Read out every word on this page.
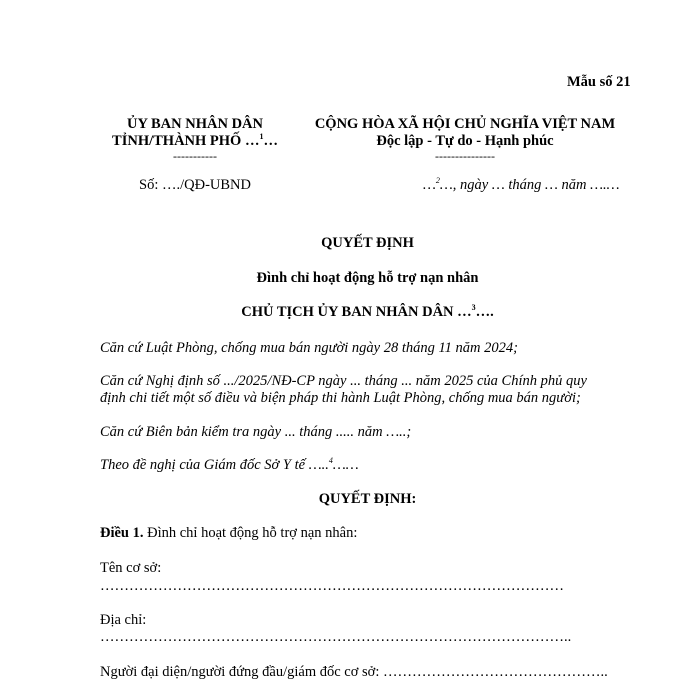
Mẫu số 21
ỦY BAN NHÂN DÂN
TỈNH/THÀNH PHỐ …$^1$…
-----------
Số: …./QĐ-UBND
CỘNG HÒA XÃ HỘI CHỦ NGHĨA VIỆT NAM
Độc lập - Tự do - Hạnh phúc
---------------
…$^2$…, ngày … tháng … năm ….…
QUYẾT ĐỊNH
Đình chỉ hoạt động hỗ trợ nạn nhân
CHỦ TỊCH ỦY BAN NHÂN DÂN …$^3$….
Căn cứ Luật Phòng, chống mua bán người ngày 28 tháng 11 năm 2024;
Căn cứ Nghị định số .../2025/NĐ-CP ngày ... tháng ... năm 2025 của Chính phủ quy
định chi tiết một số điều và biện pháp thi hành Luật Phòng, chống mua bán người;
Căn cứ Biên bản kiểm tra ngày ... tháng ..... năm …..;
Theo đề nghị của Giám đốc Sở Y tế …..$^4$……
QUYẾT ĐỊNH:
Điều 1. Đình chỉ hoạt động hỗ trợ nạn nhân:
Tên cơ sở:
……………………………………………………………………………………
Địa chỉ:
……………………………………………………………………………………..
Người đại diện/người đứng đầu/giám đốc cơ sở: ………………………………………..
